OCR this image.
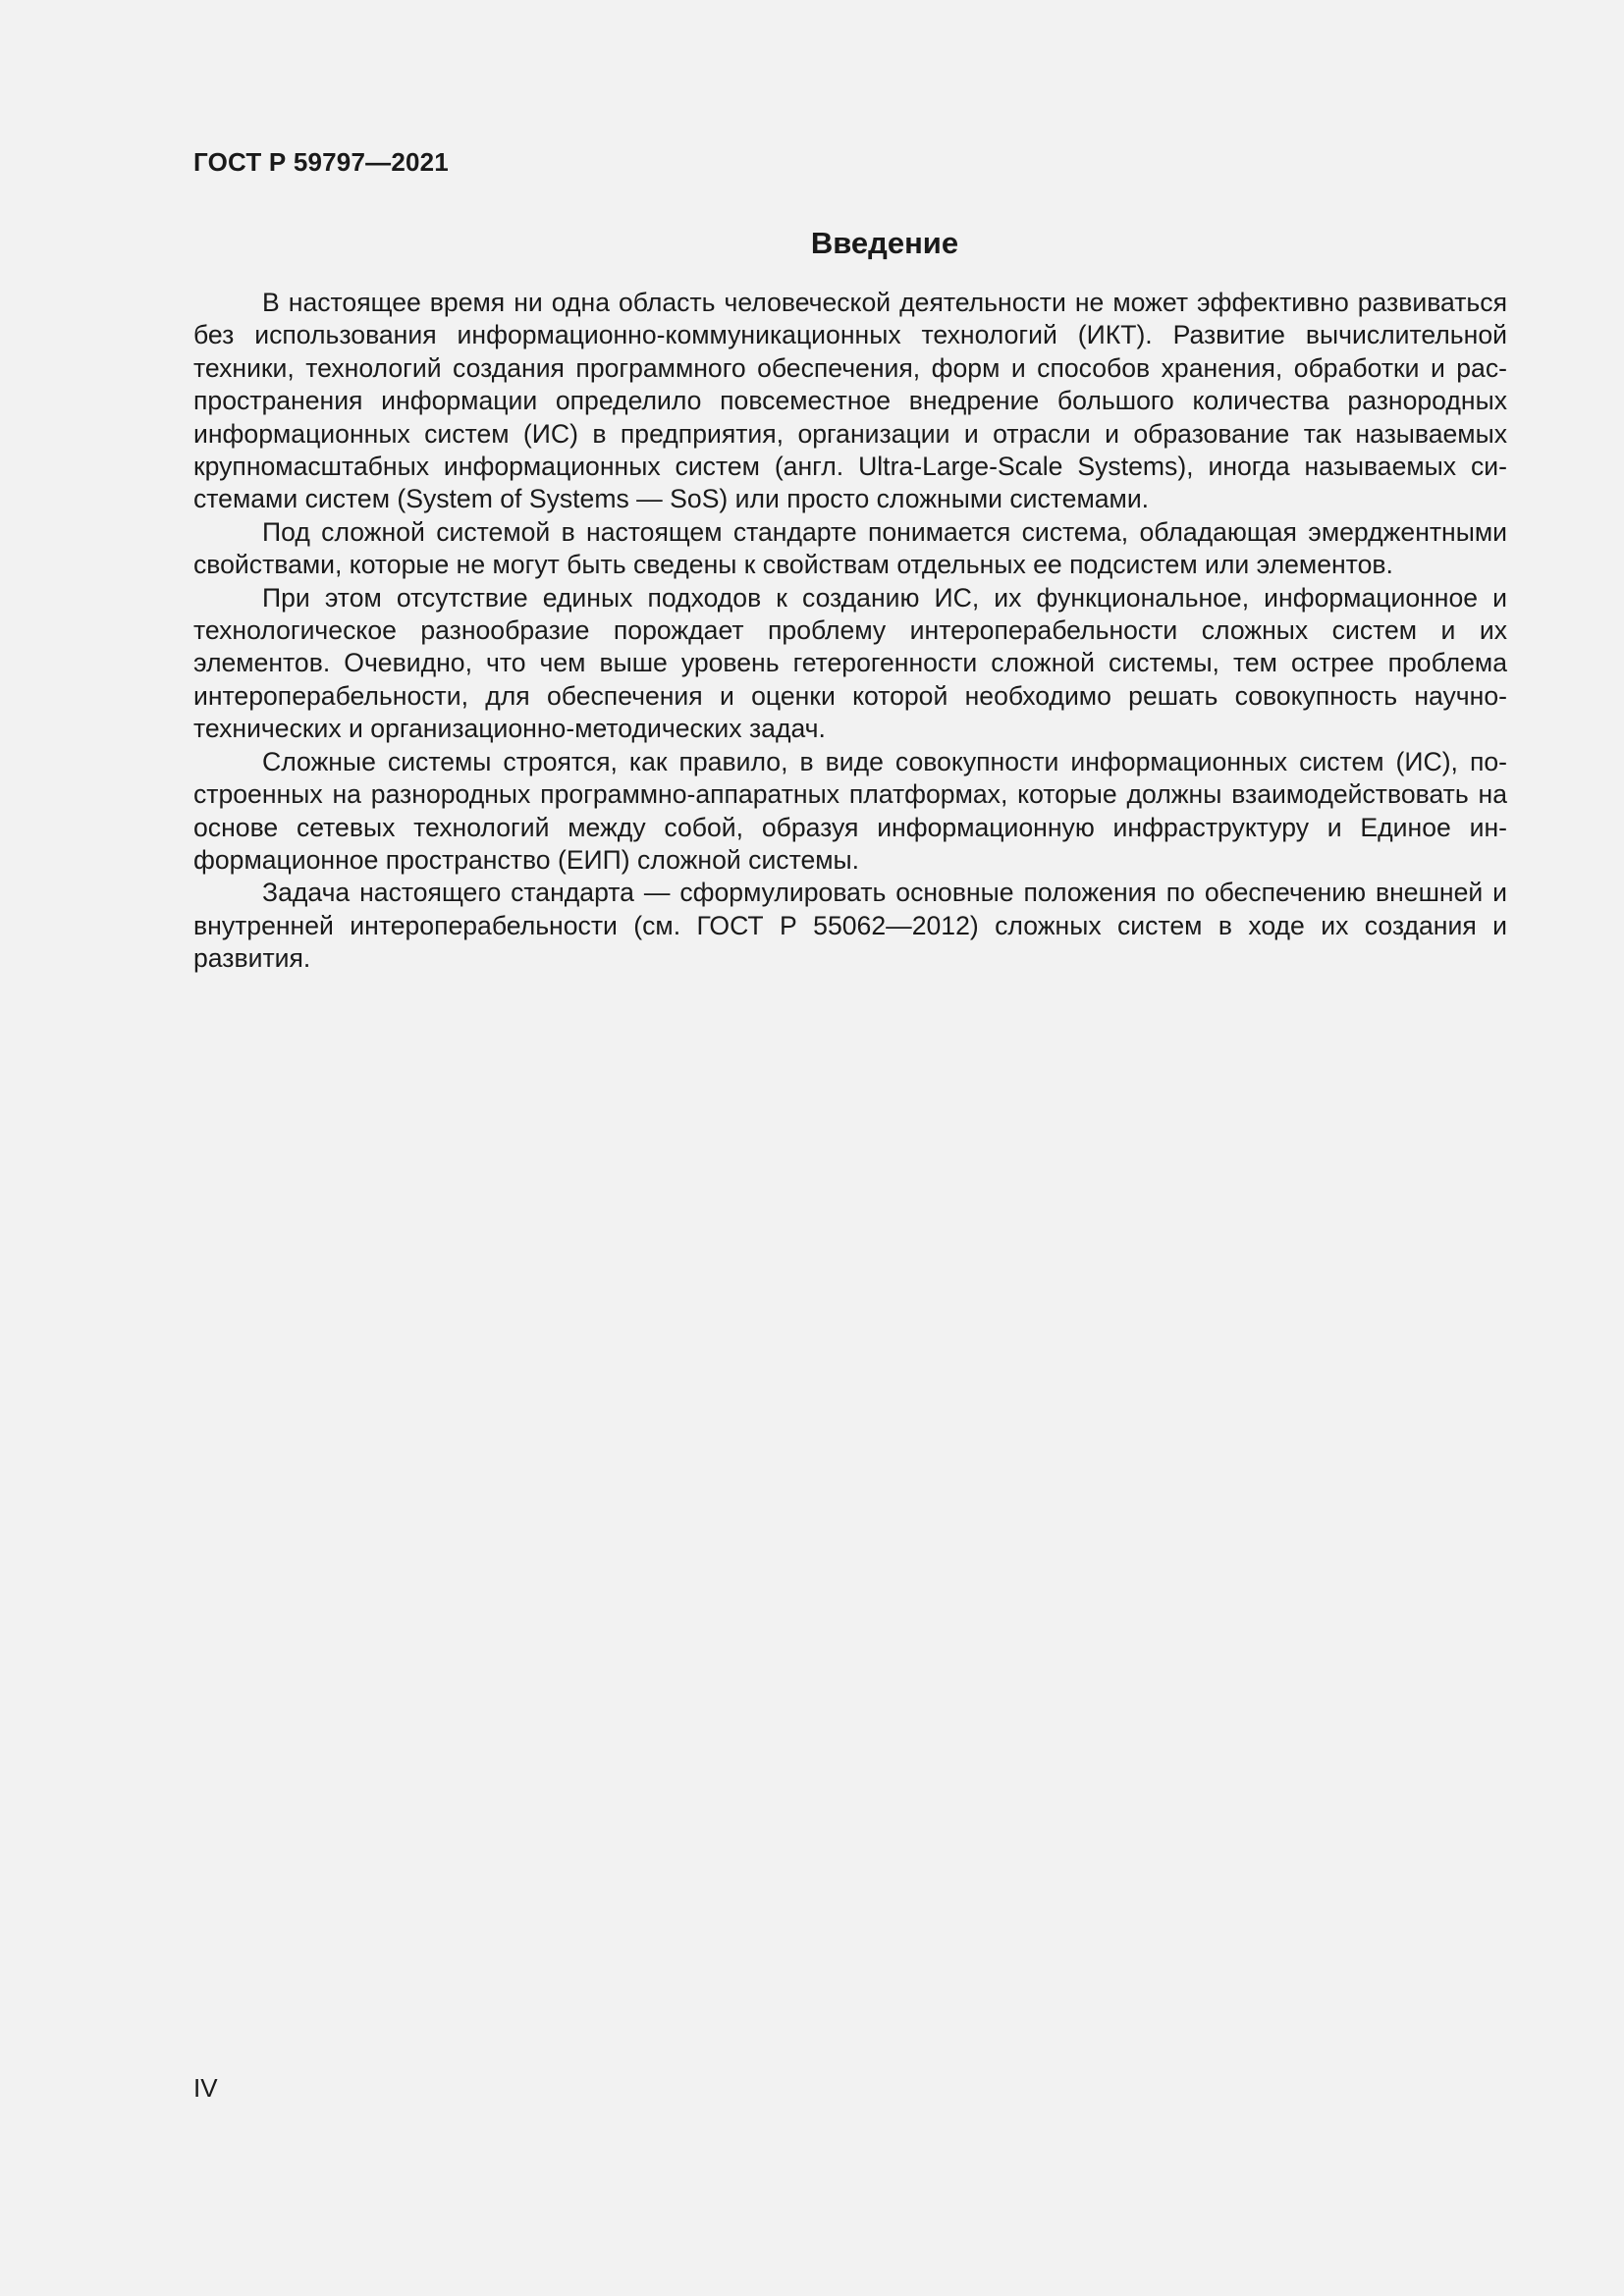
ГОСТ Р 59797—2021
Введение

В настоящее время ни одна область человеческой деятельности не может эффективно развиваться без использования информационно-коммуникационных технологий (ИКТ). Развитие вычислительной техники, технологий создания программного обеспечения, форм и способов хранения, обработки и распространения информации определило повсеместное внедрение большого количества разнородных информационных систем (ИС) в предприятия, организации и отрасли и образование так называемых крупномасштабных информационных систем (англ. Ultra-Large-Scale Systems), иногда называемых системами систем (System of Systems — SoS) или просто сложными системами.

Под сложной системой в настоящем стандарте понимается система, обладающая эмерджентными свойствами, которые не могут быть сведены к свойствам отдельных ее подсистем или элементов.

При этом отсутствие единых подходов к созданию ИС, их функциональное, информационное и технологическое разнообразие порождает проблему интероперабельности сложных систем и их элементов. Очевидно, что чем выше уровень гетерогенности сложной системы, тем острее проблема интероперабельности, для обеспечения и оценки которой необходимо решать совокупность научно-технических и организационно-методических задач.

Сложные системы строятся, как правило, в виде совокупности информационных систем (ИС), построенных на разнородных программно-аппаратных платформах, которые должны взаимодействовать на основе сетевых технологий между собой, образуя информационную инфраструктуру и Единое информационное пространство (ЕИП) сложной системы.

Задача настоящего стандарта — сформулировать основные положения по обеспечению внешней и внутренней интероперабельности (см. ГОСТ Р 55062—2012) сложных систем в ходе их создания и развития.

IV
